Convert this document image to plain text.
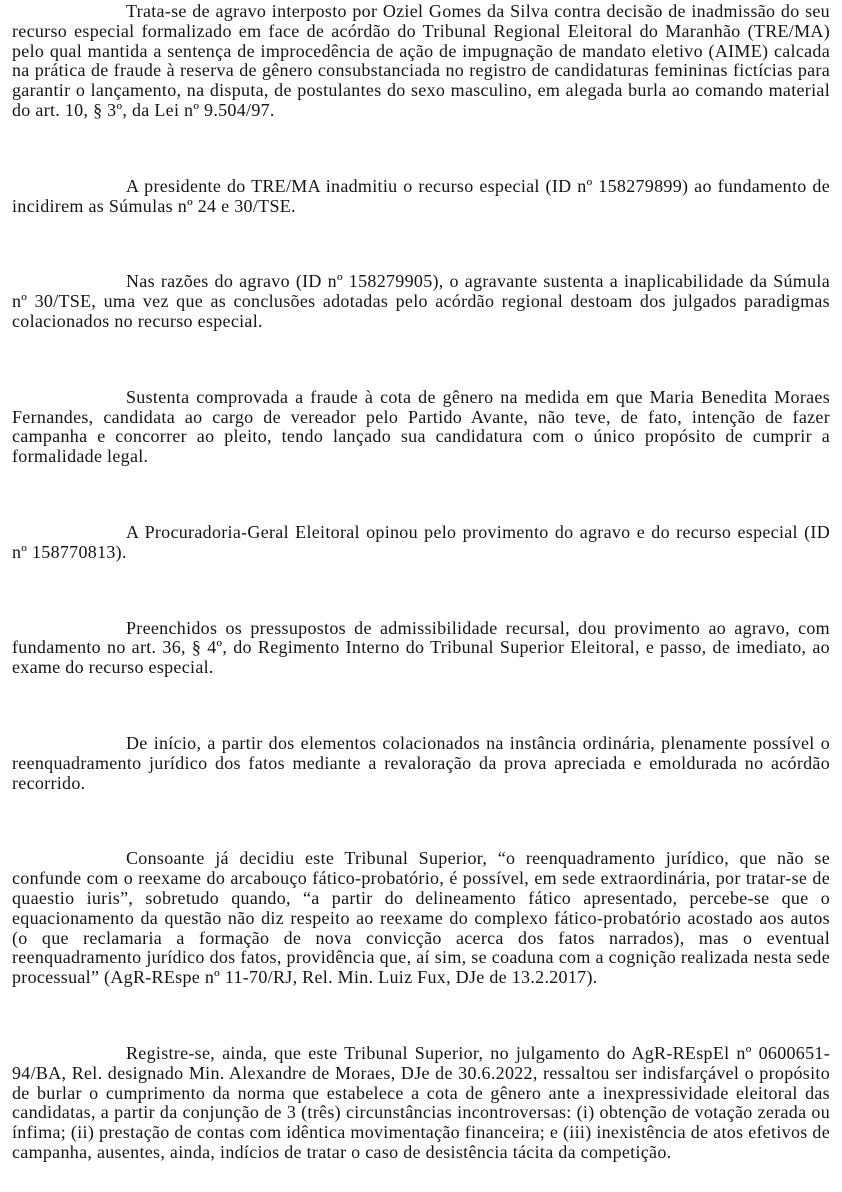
Trata-se de agravo interposto por Oziel Gomes da Silva contra decisão de inadmissão do seu recurso especial formalizado em face de acórdão do Tribunal Regional Eleitoral do Maranhão (TRE/MA) pelo qual mantida a sentença de improcedência de ação de impugnação de mandato eletivo (AIME) calcada na prática de fraude à reserva de gênero consubstanciada no registro de candidaturas femininas fictícias para garantir o lançamento, na disputa, de postulantes do sexo masculino, em alegada burla ao comando material do art. 10, § 3º, da Lei nº 9.504/97.

A presidente do TRE/MA inadmitiu o recurso especial (ID nº 158279899) ao fundamento de incidirem as Súmulas nº 24 e 30/TSE.

Nas razões do agravo (ID nº 158279905), o agravante sustenta a inaplicabilidade da Súmula nº 30/TSE, uma vez que as conclusões adotadas pelo acórdão regional destoam dos julgados paradigmas colacionados no recurso especial.

Sustenta comprovada a fraude à cota de gênero na medida em que Maria Benedita Moraes Fernandes, candidata ao cargo de vereador pelo Partido Avante, não teve, de fato, intenção de fazer campanha e concorrer ao pleito, tendo lançado sua candidatura com o único propósito de cumprir a formalidade legal.

A Procuradoria-Geral Eleitoral opinou pelo provimento do agravo e do recurso especial (ID nº 158770813).

Preenchidos os pressupostos de admissibilidade recursal, dou provimento ao agravo, com fundamento no art. 36, § 4º, do Regimento Interno do Tribunal Superior Eleitoral, e passo, de imediato, ao exame do recurso especial.

De início, a partir dos elementos colacionados na instância ordinária, plenamente possível o reenquadramento jurídico dos fatos mediante a revaloração da prova apreciada e emoldurada no acórdão recorrido.

Consoante já decidiu este Tribunal Superior, “o reenquadramento jurídico, que não se confunde com o reexame do arcabouço fático-probatório, é possível, em sede extraordinária, por tratar-se de quaestio iuris”, sobretudo quando, “a partir do delineamento fático apresentado, percebe-se que o equacionamento da questão não diz respeito ao reexame do complexo fático-probatório acostado aos autos (o que reclamaria a formação de nova convicção acerca dos fatos narrados), mas o eventual reenquadramento jurídico dos fatos, providência que, aí sim, se coaduna com a cognição realizada nesta sede processual” (AgR-REspe nº 11-70/RJ, Rel. Min. Luiz Fux, DJe de 13.2.2017).

Registre-se, ainda, que este Tribunal Superior, no julgamento do AgR-REspEl nº 0600651-94/BA, Rel. designado Min. Alexandre de Moraes, DJe de 30.6.2022, ressaltou ser indisfarçável o propósito de burlar o cumprimento da norma que estabelece a cota de gênero ante a inexpressividade eleitoral das candidatas, a partir da conjunção de 3 (três) circunstâncias incontroversas: (i) obtenção de votação zerada ou ínfima; (ii) prestação de contas com idêntica movimentação financeira; e (iii) inexistência de atos efetivos de campanha, ausentes, ainda, indícios de tratar o caso de desistência tácita da competição.
